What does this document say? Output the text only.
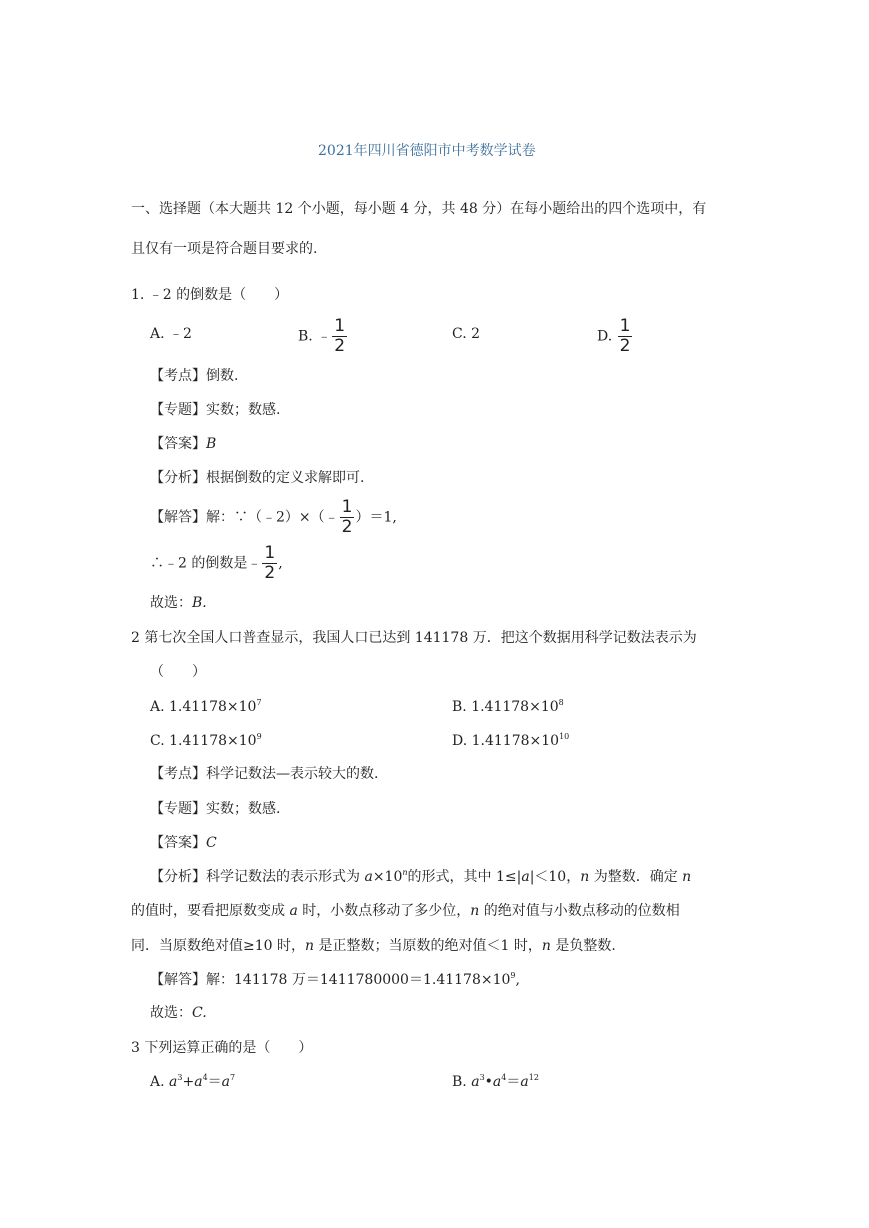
2021年四川省德阳市中考数学试卷
一、选择题（本大题共 12 个小题，每小题 4 分，共 48 分）在每小题给出的四个选项中，有
且仅有一项是符合题目要求的.
1. ﹣2 的倒数是（　　）
A. ﹣2	B. ﹣ $\frac{1}{2}$	C. 2	D. $\frac{1}{2}$
【考点】倒数.
【专题】实数；数感.
【答案】B
【分析】根据倒数的定义求解即可.
【解答】解：∵（﹣2）×（﹣ $\frac{1}{2} )=1$,
∴﹣2 的倒数是﹣ $\frac{1}{2}$ ,
故选：B.
2 第七次全国人口普查显示，我国人口已达到 141178 万．把这个数据用科学记数法表示为
（　　）
A. $1.41178\times 10^7$	B. $1.41178\times 10^8$
C. $1.41178\times 10^9$	D. $1.41178\times 10^{10}$
【考点】科学记数法—表示较大的数.
【专题】实数；数感.
【答案】C
【分析】科学记数法的表示形式为 $a\times 10^n$的形式，其中 1≤|a|＜10，n 为整数．确定 n
的值时，要看把原数变成 a 时，小数点移动了多少位，n 的绝对值与小数点移动的位数相
同．当原数绝对值≥10 时，n 是正整数；当原数的绝对值＜1 时，n 是负整数.
【解答】解：141178 万$=1411780000=1.41178\times 10^9$,
故选：C.
3 下列运算正确的是（　　）
A. $a^3+a^4=a^7$	B. $a^3•a^4=a^{12}$
